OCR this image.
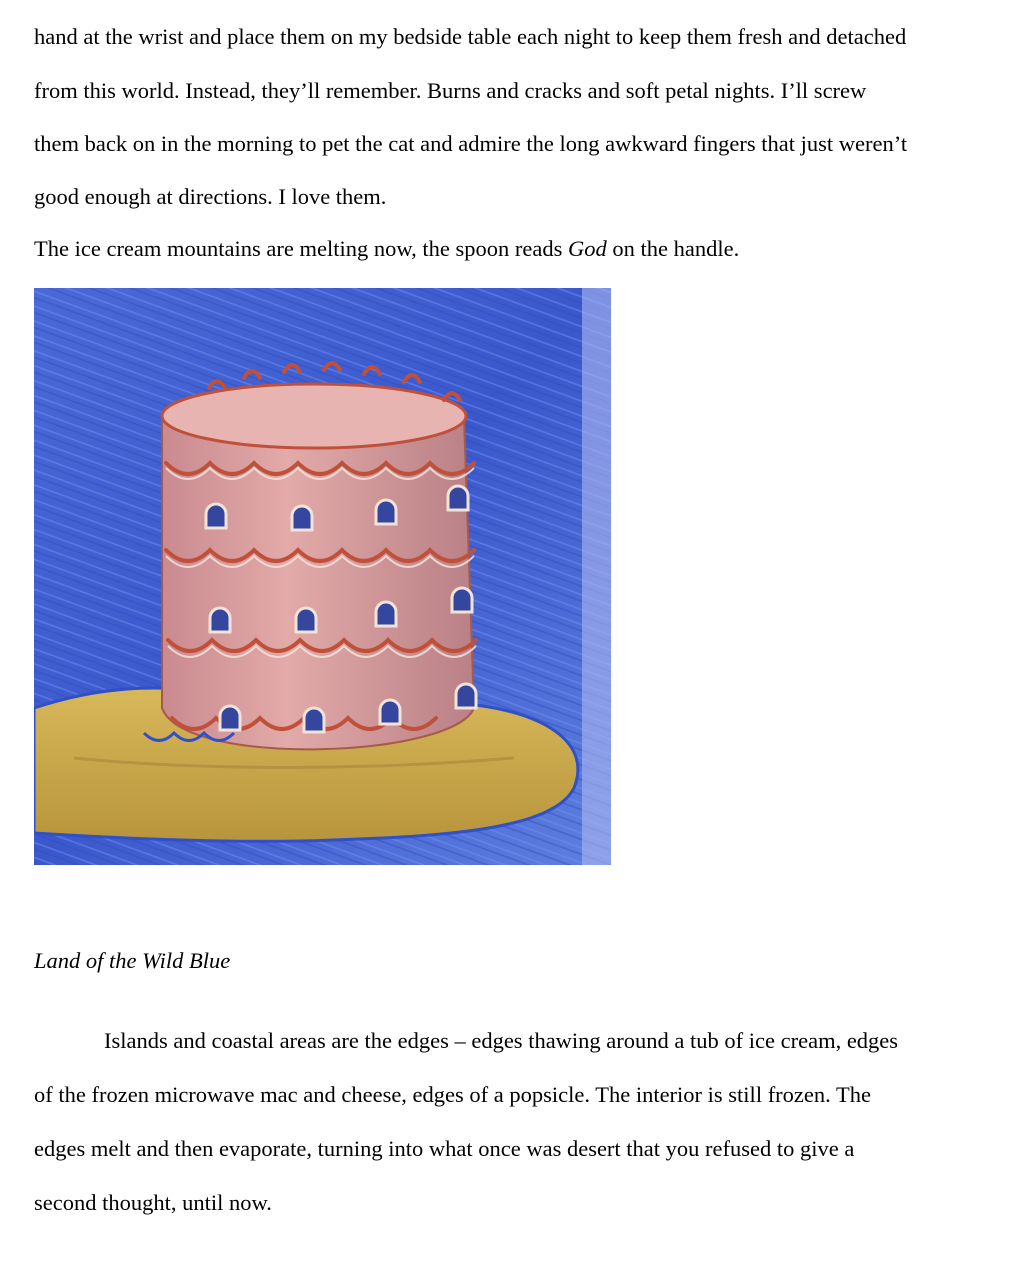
hand at the wrist and place them on my bedside table each night to keep them fresh and detached
from this world. Instead, they’ll remember. Burns and cracks and soft petal nights. I’ll screw
them back on in the morning to pet the cat and admire the long awkward fingers that just weren’t
good enough at directions. I love them.
The ice cream mountains are melting now, the spoon reads God on the handle.
Land of the Wild Blue
Islands and coastal areas are the edges – edges thawing around a tub of ice cream, edges
of the frozen microwave mac and cheese, edges of a popsicle. The interior is still frozen. The
edges melt and then evaporate, turning into what once was desert that you refused to give a
second thought, until now.
